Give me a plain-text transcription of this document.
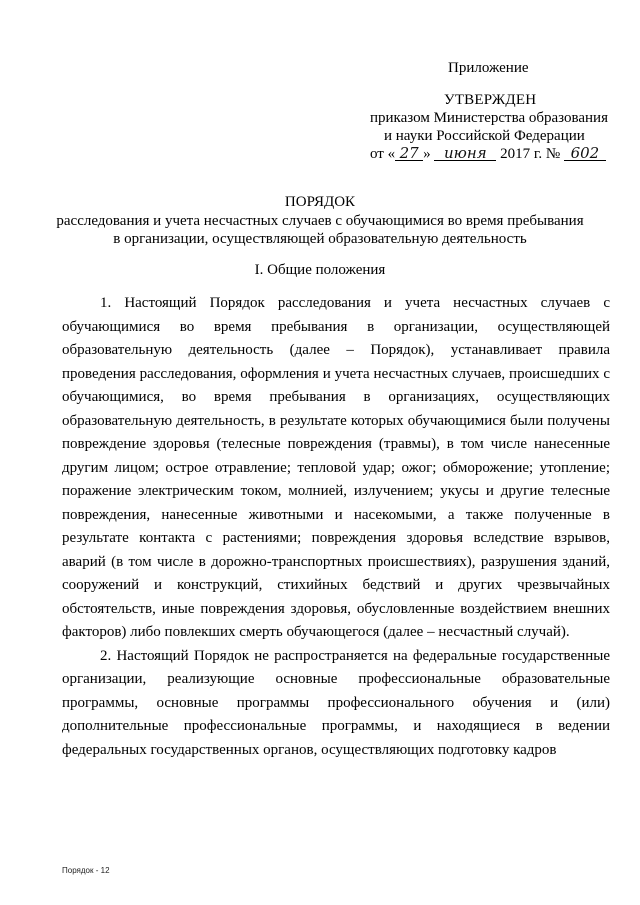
Приложение
УТВЕРЖДЕН
приказом Министерства образования
и науки Российской Федерации
от « 27 » июня 2017 г. № 602
ПОРЯДОК
расследования и учета несчастных случаев с обучающимися во время пребывания
в организации, осуществляющей образовательную деятельность
I. Общие положения

1. Настоящий Порядок расследования и учета несчастных случаев с обучающимися во время пребывания в организации, осуществляющей образовательную деятельность (далее – Порядок), устанавливает правила проведения расследования, оформления и учета несчастных случаев, происшедших с обучающимися, во время пребывания в организациях, осуществляющих образовательную деятельность, в результате которых обучающимися были получены повреждение здоровья (телесные повреждения (травмы), в том числе нанесенные другим лицом; острое отравление; тепловой удар; ожог; обморожение; утопление; поражение электрическим током, молнией, излучением; укусы и другие телесные повреждения, нанесенные животными и насекомыми, а также полученные в результате контакта с растениями; повреждения здоровья вследствие взрывов, аварий (в том числе в дорожно-транспортных происшествиях), разрушения зданий, сооружений и конструкций, стихийных бедствий и других чрезвычайных обстоятельств, иные повреждения здоровья, обусловленные воздействием внешних факторов) либо повлекших смерть обучающегося (далее – несчастный случай).

2. Настоящий Порядок не распространяется на федеральные государственные организации, реализующие основные профессиональные образовательные программы, основные программы профессионального обучения и (или) дополнительные профессиональные программы, и находящиеся в ведении федеральных государственных органов, осуществляющих подготовку кадров

Порядок - 12
